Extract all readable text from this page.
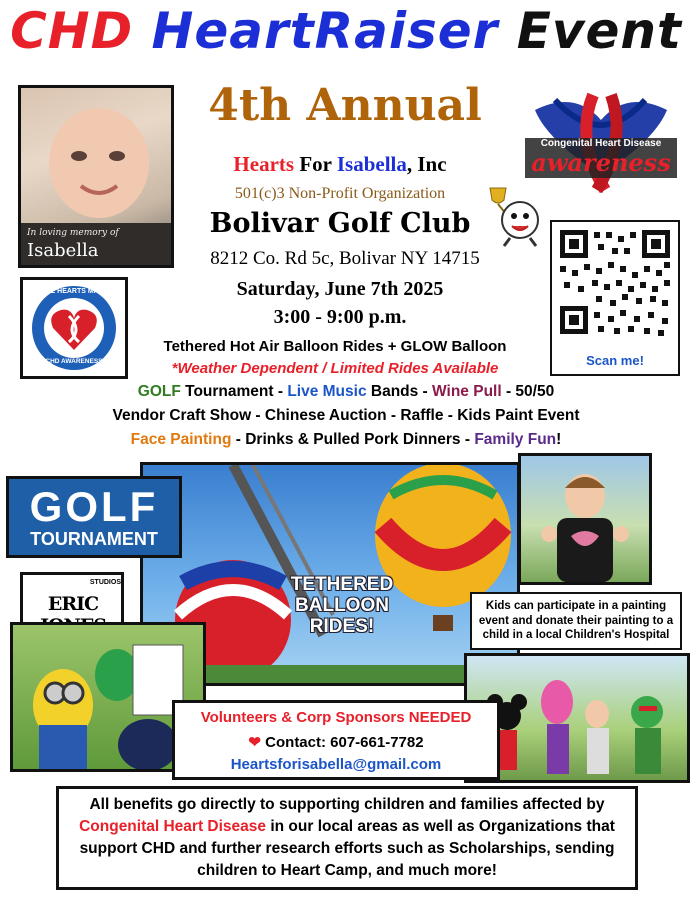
CHD HeartRaiser Event
In loving memory of
Isabella
4th Annual
Congenital Heart Disease
awareness
Hearts For Isabella, Inc
501(c)3 Non-Profit Organization
Bolivar Golf Club
8212 Co. Rd 5c, Bolivar NY 14715
Saturday, June 7th 2025
3:00 - 9:00 p.m.
Scan me!
LITTLE HEARTS MATTER
CHD AWARENESS
Tethered Hot Air Balloon Rides + GLOW Balloon
*Weather Dependent / Limited Rides Available
GOLF Tournament - Live Music Bands - Wine Pull - 50/50
Vendor Craft Show - Chinese Auction - Raffle - Kids Paint Event
Face Painting - Drinks & Pulled Pork Dinners - Family Fun!
TETHERED BALLOON RIDES!
GOLF
TOURNAMENT
Kids can participate in a painting event and donate their painting to a child in a local Children's Hospital
STUDIOS
ERIC
Volunteers & Corp Sponsors NEEDED
❤ Contact: 607-661-7782
Heartsforisabella@gmail.com
All benefits go directly to supporting children and families affected by
Congenital Heart Disease in our local areas as well as Organizations that support CHD and further research efforts such as Scholarships, sending children to Heart Camp, and much more!
